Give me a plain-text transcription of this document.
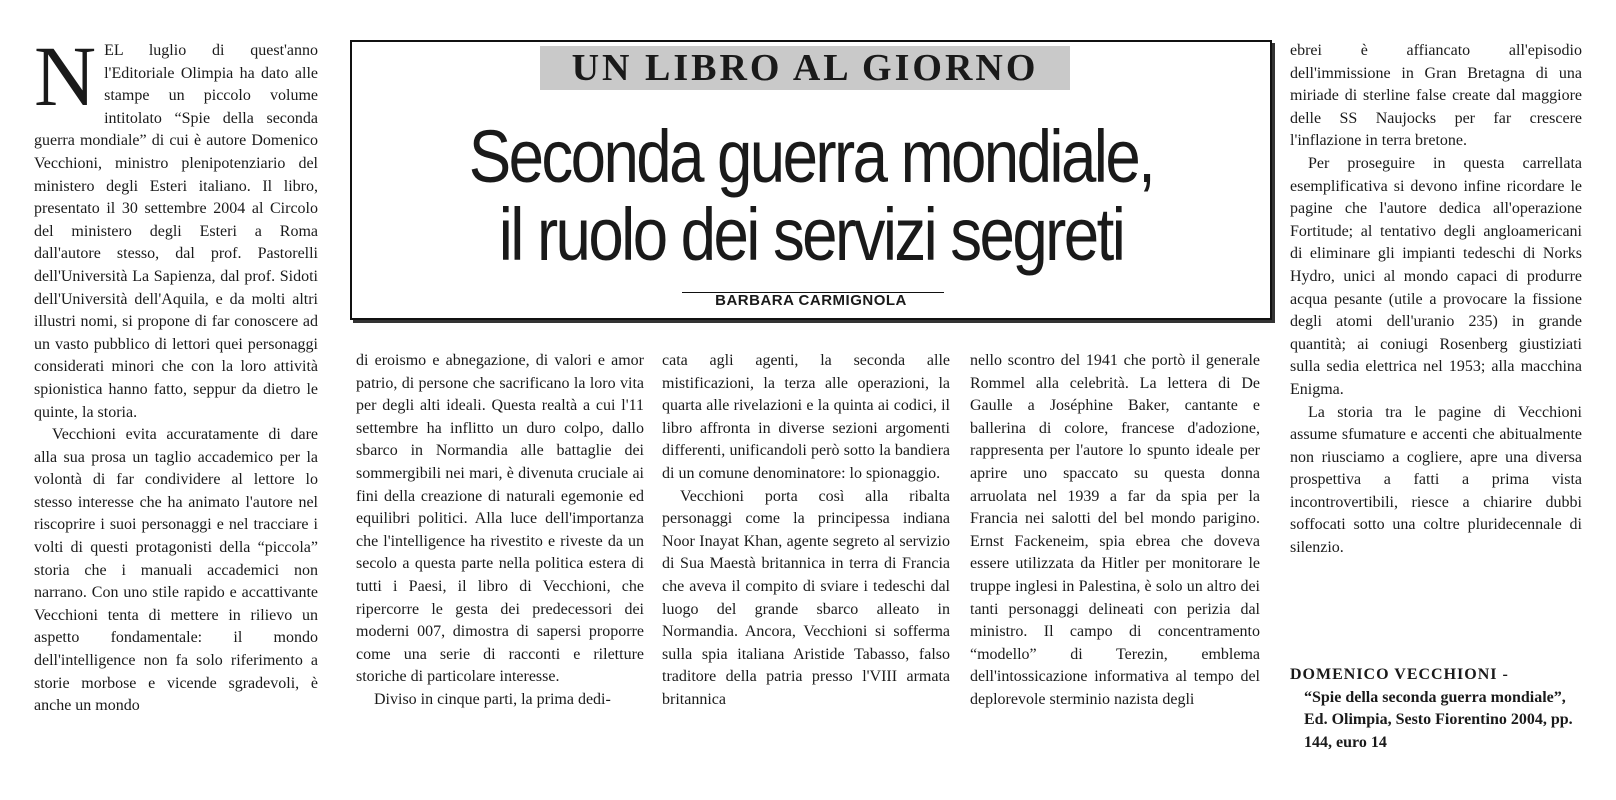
NEL luglio di quest'anno l'Editoriale Olimpia ha dato alle stampe un piccolo volume intitolato “Spie della seconda guerra mondiale” di cui è autore Domenico Vecchioni, ministro plenipotenziario del ministero degli Esteri italiano. Il libro, presentato il 30 settembre 2004 al Circolo del ministero degli Esteri a Roma dall'autore stesso, dal prof. Pastorelli dell'Università La Sapienza, dal prof. Sidoti dell'Università dell'Aquila, e da molti altri illustri nomi, si propone di far conoscere ad un vasto pubblico di lettori quei personaggi considerati minori che con la loro attività spionistica hanno fatto, seppur da dietro le quinte, la storia.

Vecchioni evita accuratamente di dare alla sua prosa un taglio accademico per la volontà di far condividere al lettore lo stesso interesse che ha animato l'autore nel riscoprire i suoi personaggi e nel tracciare i volti di questi protagonisti della “piccola” storia che i manuali accademici non narrano. Con uno stile rapido e accattivante Vecchioni tenta di mettere in rilievo un aspetto fondamentale: il mondo dell'intelligence non fa solo riferimento a storie morbose e vicende sgradevoli, è anche un mondo

UN LIBRO AL GIORNO
Seconda guerra mondiale,
il ruolo dei servizi segreti
BARBARA CARMIGNOLA

di eroismo e abnegazione, di valori e amor patrio, di persone che sacrificano la loro vita per degli alti ideali. Questa realtà a cui l'11 settembre ha inflitto un duro colpo, dallo sbarco in Normandia alle battaglie dei sommergibili nei mari, è divenuta cruciale ai fini della creazione di naturali egemonie ed equilibri politici. Alla luce dell'importanza che l'intelligence ha rivestito e riveste da un secolo a questa parte nella politica estera di tutti i Paesi, il libro di Vecchioni, che ripercorre le gesta dei predecessori dei moderni 007, dimostra di sapersi proporre come una serie di racconti e riletture storiche di particolare interesse.

Diviso in cinque parti, la prima dedi-

cata agli agenti, la seconda alle mistificazioni, la terza alle operazioni, la quarta alle rivelazioni e la quinta ai codici, il libro affronta in diverse sezioni argomenti differenti, unificandoli però sotto la bandiera di un comune denominatore: lo spionaggio.

Vecchioni porta così alla ribalta personaggi come la principessa indiana Noor Inayat Khan, agente segreto al servizio di Sua Maestà britannica in terra di Francia che aveva il compito di sviare i tedeschi dal luogo del grande sbarco alleato in Normandia. Ancora, Vecchioni si sofferma sulla spia italiana Aristide Tabasso, falso traditore della patria presso l'VIII armata britannica

nello scontro del 1941 che portò il generale Rommel alla celebrità. La lettera di De Gaulle a Joséphine Baker, cantante e ballerina di colore, francese d'adozione, rappresenta per l'autore lo spunto ideale per aprire uno spaccato su questa donna arruolata nel 1939 a far da spia per la Francia nei salotti del bel mondo parigino. Ernst Fackeneim, spia ebrea che doveva essere utilizzata da Hitler per monitorare le truppe inglesi in Palestina, è solo un altro dei tanti personaggi delineati con perizia dal ministro. Il campo di concentramento “modello” di Terezin, emblema dell'intossicazione informativa al tempo del deplorevole sterminio nazista degli

ebrei è affiancato all'episodio dell'immissione in Gran Bretagna di una miriade di sterline false create dal maggiore delle SS Naujocks per far crescere l'inflazione in terra bretone.

Per proseguire in questa carrellata esemplificativa si devono infine ricordare le pagine che l'autore dedica all'operazione Fortitude; al tentativo degli angloamericani di eliminare gli impianti tedeschi di Norks Hydro, unici al mondo capaci di produrre acqua pesante (utile a provocare la fissione degli atomi dell'uranio 235) in grande quantità; ai coniugi Rosenberg giustiziati sulla sedia elettrica nel 1953; alla macchina Enigma.

La storia tra le pagine di Vecchioni assume sfumature e accenti che abitualmente non riusciamo a cogliere, apre una diversa prospettiva a fatti a prima vista incontrovertibili, riesce a chiarire dubbi soffocati sotto una coltre pluridecennale di silenzio.

DOMENICO VECCHIONI -
“Spie della seconda guerra mondiale”, Ed. Olimpia, Sesto Fiorentino 2004, pp. 144, euro 14
